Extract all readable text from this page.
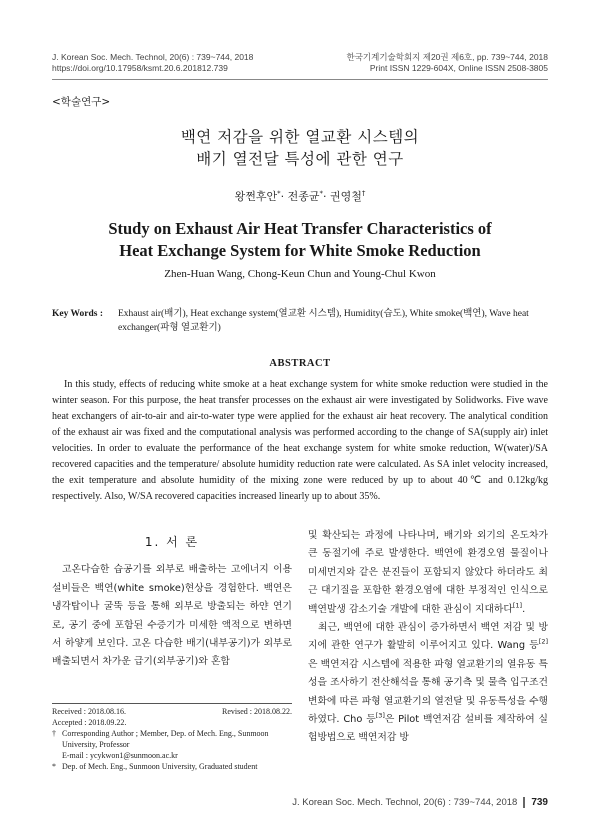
J. Korean Soc. Mech. Technol, 20(6) : 739~744, 2018
https://doi.org/10.17958/ksmt.20.6.201812.739
한국기계기술학회지 제20권 제6호, pp. 739~744, 2018
Print ISSN 1229-604X, Online ISSN 2508-3805
<학술연구>
백연 저감을 위한 열교환 시스템의
배기 열전달 특성에 관한 연구
왕쩐후안*· 전종균*· 권영철†
Study on Exhaust Air Heat Transfer Characteristics of
Heat Exchange System for White Smoke Reduction
Zhen-Huan Wang, Chong-Keun Chun and Young-Chul Kwon
Key Words :	Exhaust air(배기), Heat exchange system(열교환 시스템), Humidity(습도), White smoke(백연), Wave heat exchanger(파형 열교환기)
ABSTRACT
In this study, effects of reducing white smoke at a heat exchange system for white smoke reduction were studied in the winter season. For this purpose, the heat transfer processes on the exhaust air were investigated by Solidworks. Five wave heat exchangers of air-to-air and air-to-water type were applied for the exhaust air heat recovery. The analytical condition of the exhaust air was fixed and the computational analysis was performed according to the change of SA(supply air) inlet velocities. In order to evaluate the performance of the heat exchange system for white smoke reduction, W(water)/SA recovered capacities and the temperature/ absolute humidity reduction rate were calculated. As SA inlet velocity increased, the exit temperature and absolute humidity of the mixing zone were reduced by up to about 40℃ and 0.12kg/kg respectively. Also, W/SA recovered capacities increased linearly up to about 35%.
1. 서 론
고온다습한 습공기를 외부로 배출하는 고에너지 이용설비들은 백연(white smoke)현상을 경험한다. 백연은 냉각탑이나 굴뚝 등을 통해 외부로 방출되는 하얀 연기로, 공기 중에 포함된 수증기가 미세한 액적으로 변하면서 하얗게 보인다. 고온 다습한 배기(내부공기)가 외부로 배출되면서 차가운 급기(외부공기)와 혼합
및 확산되는 과정에 나타나며, 배기와 외기의 온도차가 큰 동절기에 주로 발생한다. 백연에 환경오염 물질이나 미세먼지와 같은 분진들이 포함되지 않았다 하더라도 최근 대기질을 포함한 환경오염에 대한 부정적인 인식으로 백연발생 감소기술 개발에 대한 관심이 지대하다[1].
최근, 백연에 대한 관심이 증가하면서 백연 저감 및 방지에 관한 연구가 활발히 이루어지고 있다. Wang 등[2]은 백연저감 시스템에 적용한 파형 열교환기의 열유동 특성을 조사하기 전산해석을 통해 공기측 및 물측 입구조건 변화에 따른 파형 열교환기의 열전달 및 유동특성을 수행하였다. Cho 등[3]은 Pilot 백연저감 설비를 제작하여 실험방법으로 백연저감 방
Received : 2018.08.16.	Revised : 2018.08.22.
Accepted : 2018.09.22.
† Corresponding Author ; Member, Dep. of Mech. Eng., Sunmoon University, Professor
E-mail : ycykwon1@sunmoon.ac.kr
* Dep. of Mech. Eng., Sunmoon University, Graduated student
J. Korean Soc. Mech. Technol, 20(6) : 739~744, 2018 739
